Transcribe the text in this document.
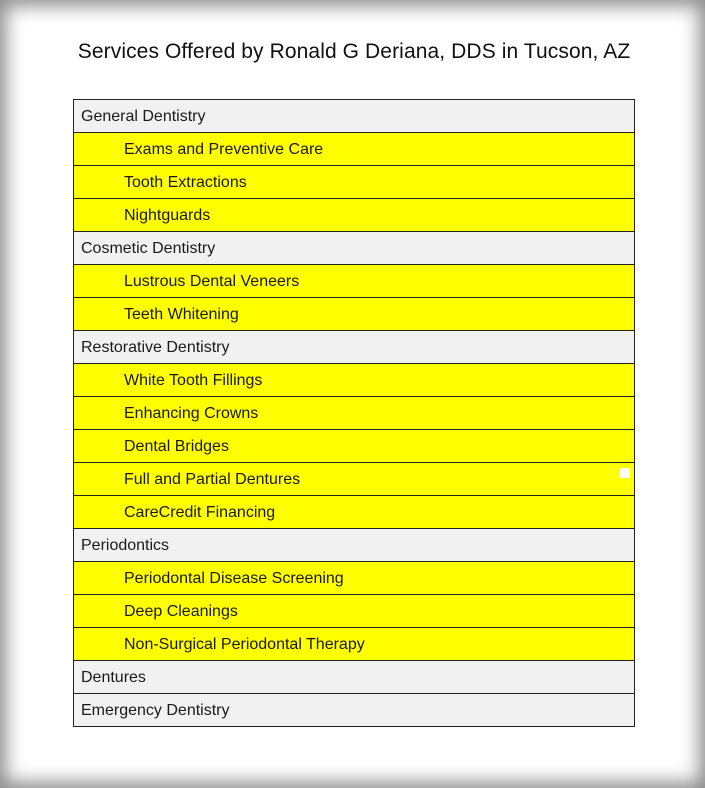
Services Offered by Ronald G Deriana, DDS in Tucson, AZ
General Dentistry
Exams and Preventive Care
Tooth Extractions
Nightguards
Cosmetic Dentistry
Lustrous Dental Veneers
Teeth Whitening
Restorative Dentistry
White Tooth Fillings
Enhancing Crowns
Dental Bridges
Full and Partial Dentures
CareCredit Financing
Periodontics
Periodontal Disease Screening
Deep Cleanings
Non-Surgical Periodontal Therapy
Dentures
Emergency Dentistry
